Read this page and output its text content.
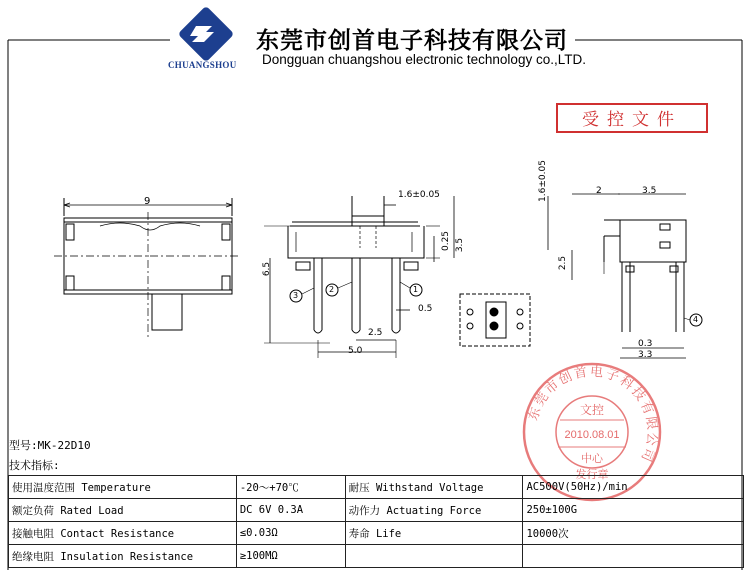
东莞市创首电子科技有限公司
Dongguan chuangshou electronic technology co.,LTD.
CHUANGSHOU
受控文件
9
1.6±0.05
0.25 3.5
6.5
0.5
2.5
5.0
1
2
3
4
1.6±0.05	2	3.5
2.5
0.3
3.3
东莞市创首电子科技有限公司
文控
2010.08.01
中心
发行章
型号:MK-22D10
技术指标:
使用温度范围 Temperature	-20～+70℃	耐压 Withstand Voltage	AC500V(50Hz)/min
额定负荷 Rated Load	DC 6V 0.3A	动作力 Actuating Force	250±100G
接触电阻 Contact Resistance	≤0.03Ω	寿命 Life	10000次
绝缘电阻 Insulation Resistance	≥100MΩ		
